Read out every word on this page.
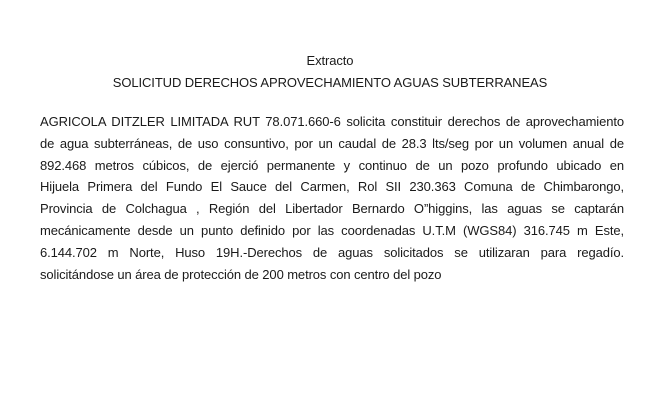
Extracto
SOLICITUD DERECHOS APROVECHAMIENTO AGUAS SUBTERRANEAS
AGRICOLA DITZLER LIMITADA RUT 78.071.660-6 solicita constituir derechos de aprovechamiento
de agua subterráneas, de uso consuntivo, por un caudal de 28.3 lts/seg por un volumen anual de
892.468 metros cúbicos, de ejerció permanente y continuo de un pozo profundo ubicado en
Hijuela Primera del Fundo El Sauce del Carmen, Rol SII 230.363 Comuna de Chimbarongo,
Provincia de Colchagua , Región del Libertador Bernardo O”higgins, las aguas se captarán
mecánicamente desde un punto definido por las coordenadas U.T.M (WGS84) 316.745 m Este,
6.144.702 m Norte, Huso 19H.-Derechos de aguas solicitados se utilizaran para regadío.
solicitándose un área de protección de 200 metros con centro del pozo
